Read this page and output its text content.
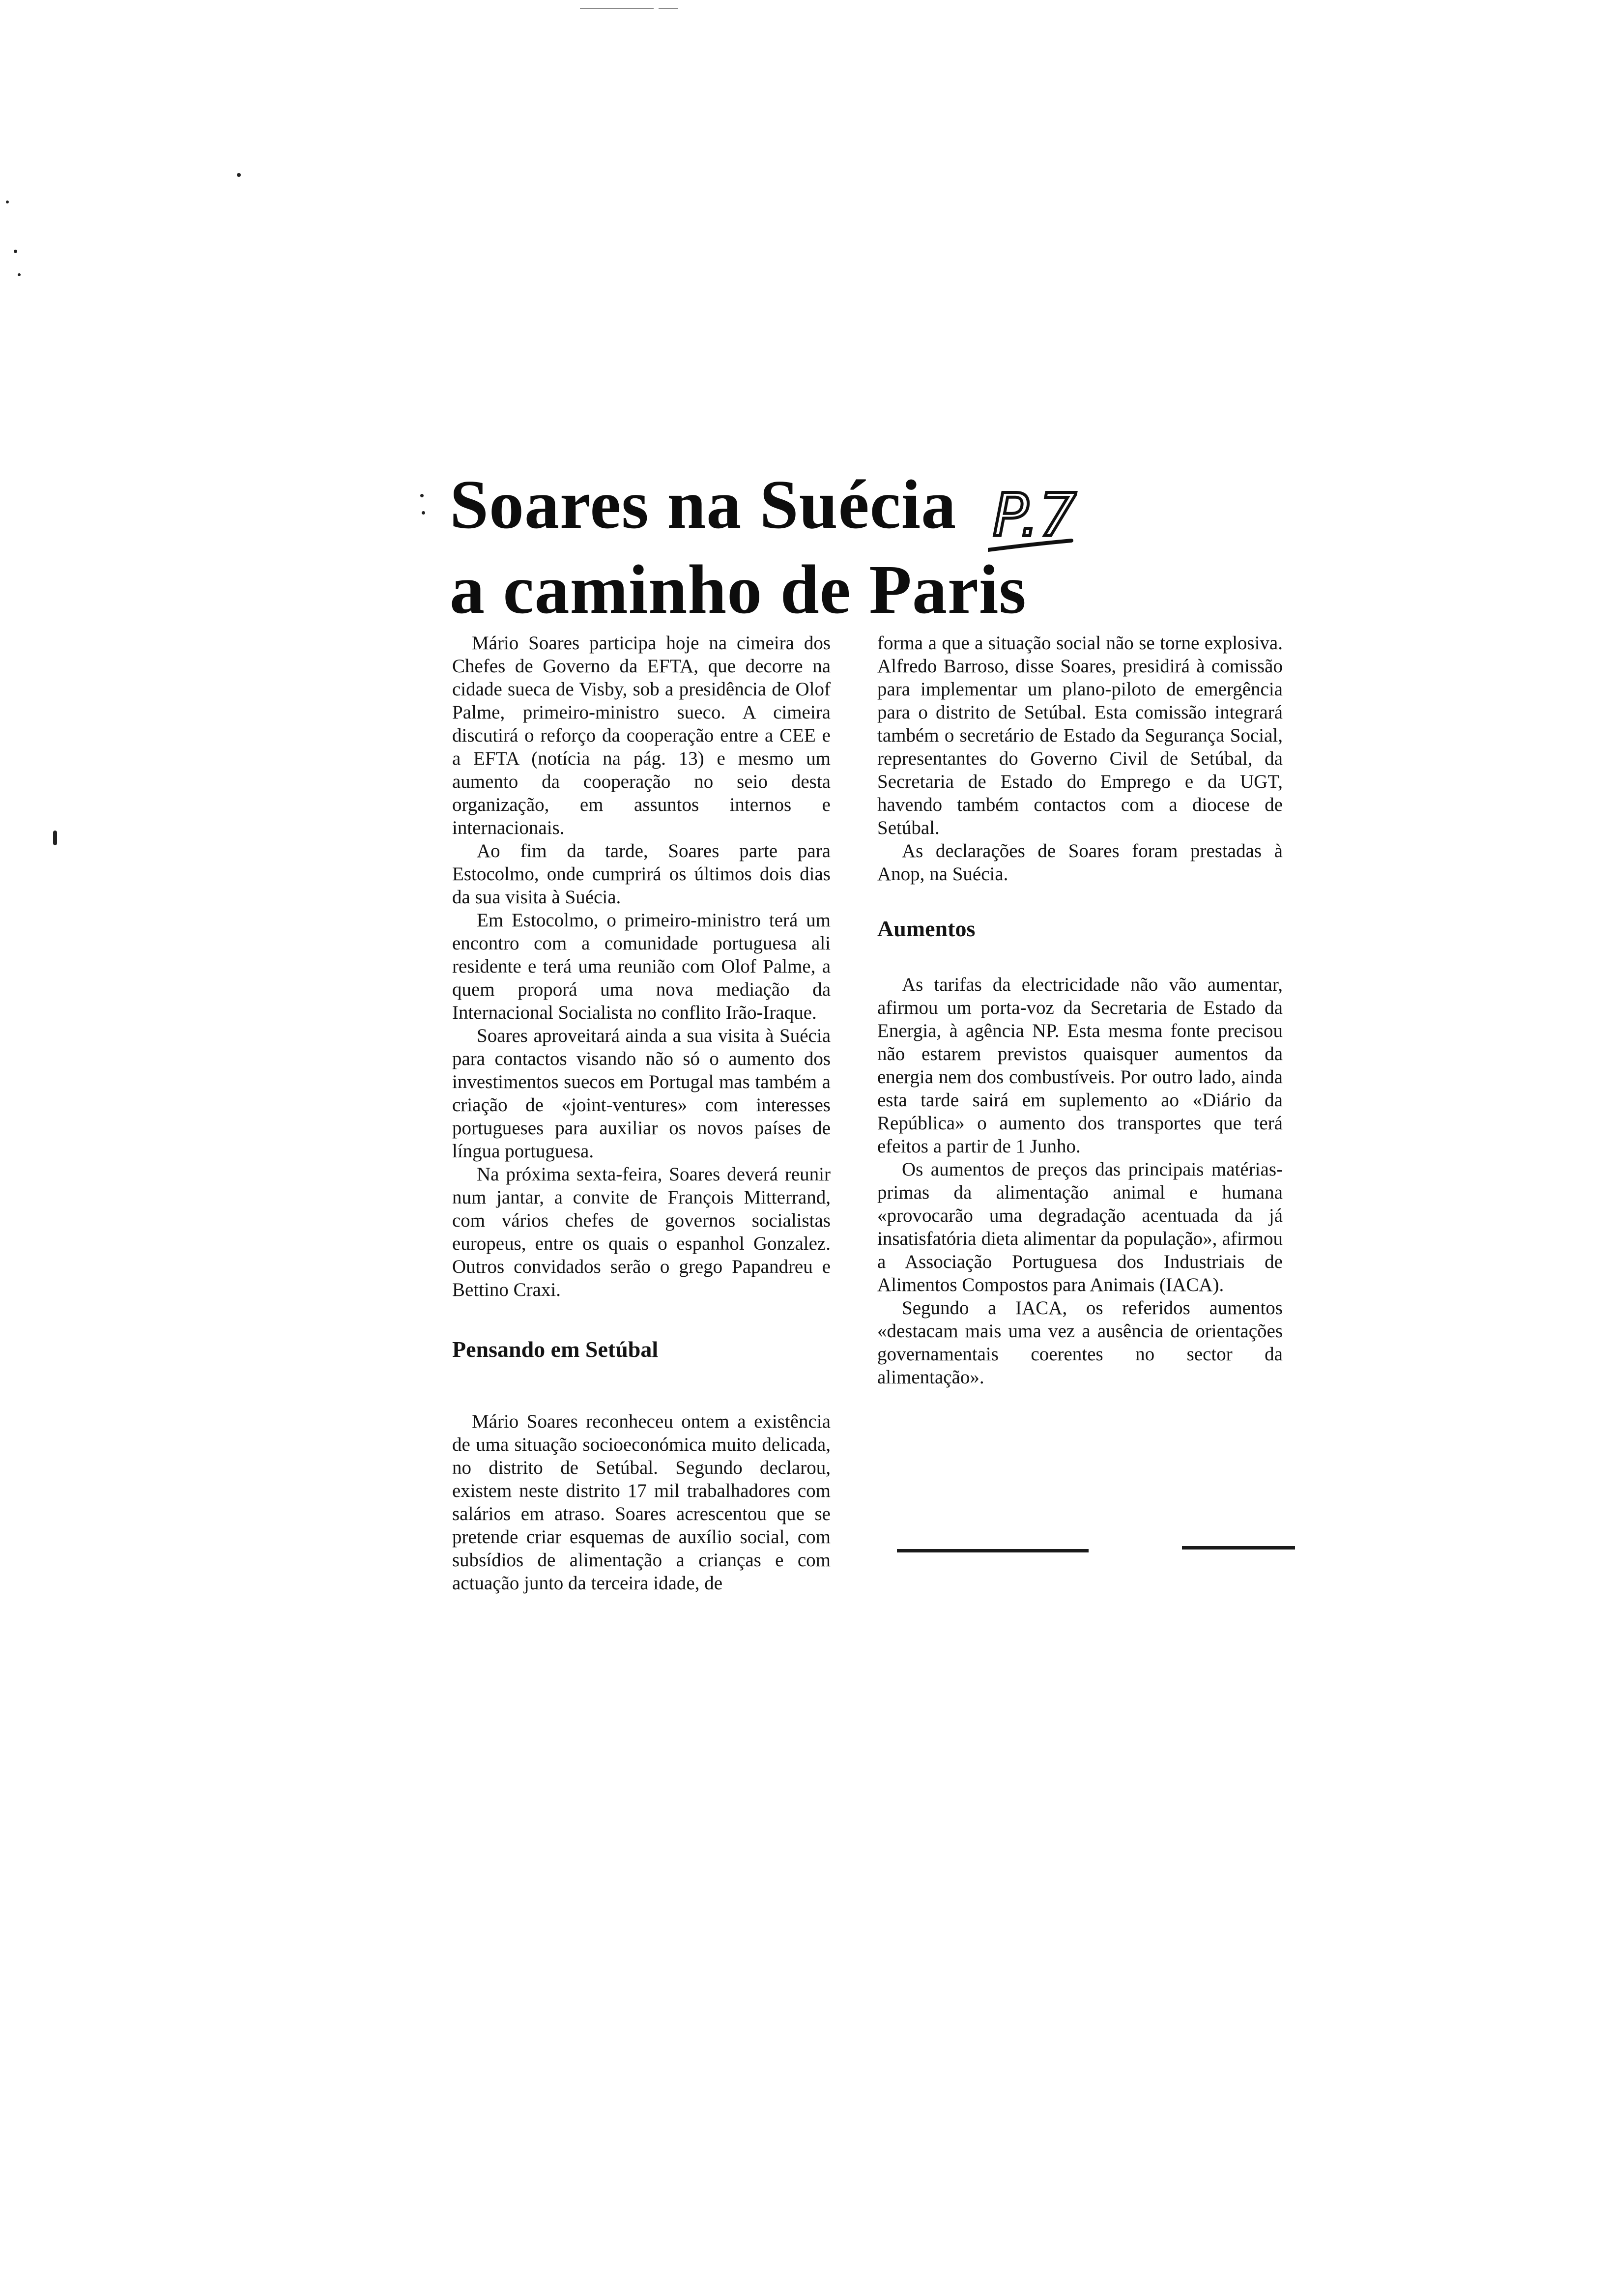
Soares na Suécia
a caminho de Paris
P.7

Mário Soares participa hoje na cimeira dos Chefes de Governo da EFTA, que decorre na cidade sueca de Visby, sob a presidência de Olof Palme, primeiro-ministro sueco. A cimeira discutirá o reforço da cooperação entre a CEE e a EFTA (notícia na pág. 13) e mesmo um aumento da cooperação no seio desta organização, em assuntos internos e internacionais.

Ao fim da tarde, Soares parte para Estocolmo, onde cumprirá os últimos dois dias da sua visita à Suécia.

Em Estocolmo, o primeiro-ministro terá um encontro com a comunidade portuguesa ali residente e terá uma reunião com Olof Palme, a quem proporá uma nova mediação da Internacional Socialista no conflito Irão-Iraque.

Soares aproveitará ainda a sua visita à Suécia para contactos visando não só o aumento dos investimentos suecos em Portugal mas também a criação de «joint-ventures» com interesses portugueses para auxiliar os novos países de língua portuguesa.

Na próxima sexta-feira, Soares deverá reunir num jantar, a convite de François Mitterrand, com vários chefes de governos socialistas europeus, entre os quais o espanhol Gonzalez. Outros convidados serão o grego Papandreu e Bettino Craxi.

Pensando em Setúbal

Mário Soares reconheceu ontem a existência de uma situação socioeconómica muito delicada, no distrito de Setúbal. Segundo declarou, existem neste distrito 17 mil trabalhadores com salários em atraso. Soares acrescentou que se pretende criar esquemas de auxílio social, com subsídios de alimentação a crianças e com actuação junto da terceira idade, de

forma a que a situação social não se torne explosiva. Alfredo Barroso, disse Soares, presidirá à comissão para implementar um plano-piloto de emergência para o distrito de Setúbal. Esta comissão integrará também o secretário de Estado da Segurança Social, representantes do Governo Civil de Setúbal, da Secretaria de Estado do Emprego e da UGT, havendo também contactos com a diocese de Setúbal.

As declarações de Soares foram prestadas à Anop, na Suécia.

Aumentos

As tarifas da electricidade não vão aumentar, afirmou um porta-voz da Secretaria de Estado da Energia, à agência NP. Esta mesma fonte precisou não estarem previstos quaisquer aumentos da energia nem dos combustíveis. Por outro lado, ainda esta tarde sairá em suplemento ao «Diário da República» o aumento dos transportes que terá efeitos a partir de 1 Junho.

Os aumentos de preços das principais matérias-primas da alimentação animal e humana «provocarão uma degradação acentuada da já insatisfatória dieta alimentar da população», afirmou a Associação Portuguesa dos Industriais de Alimentos Compostos para Animais (IACA).

Segundo a IACA, os referidos aumentos «destacam mais uma vez a ausência de orientações governamentais coerentes no sector da alimentação».
